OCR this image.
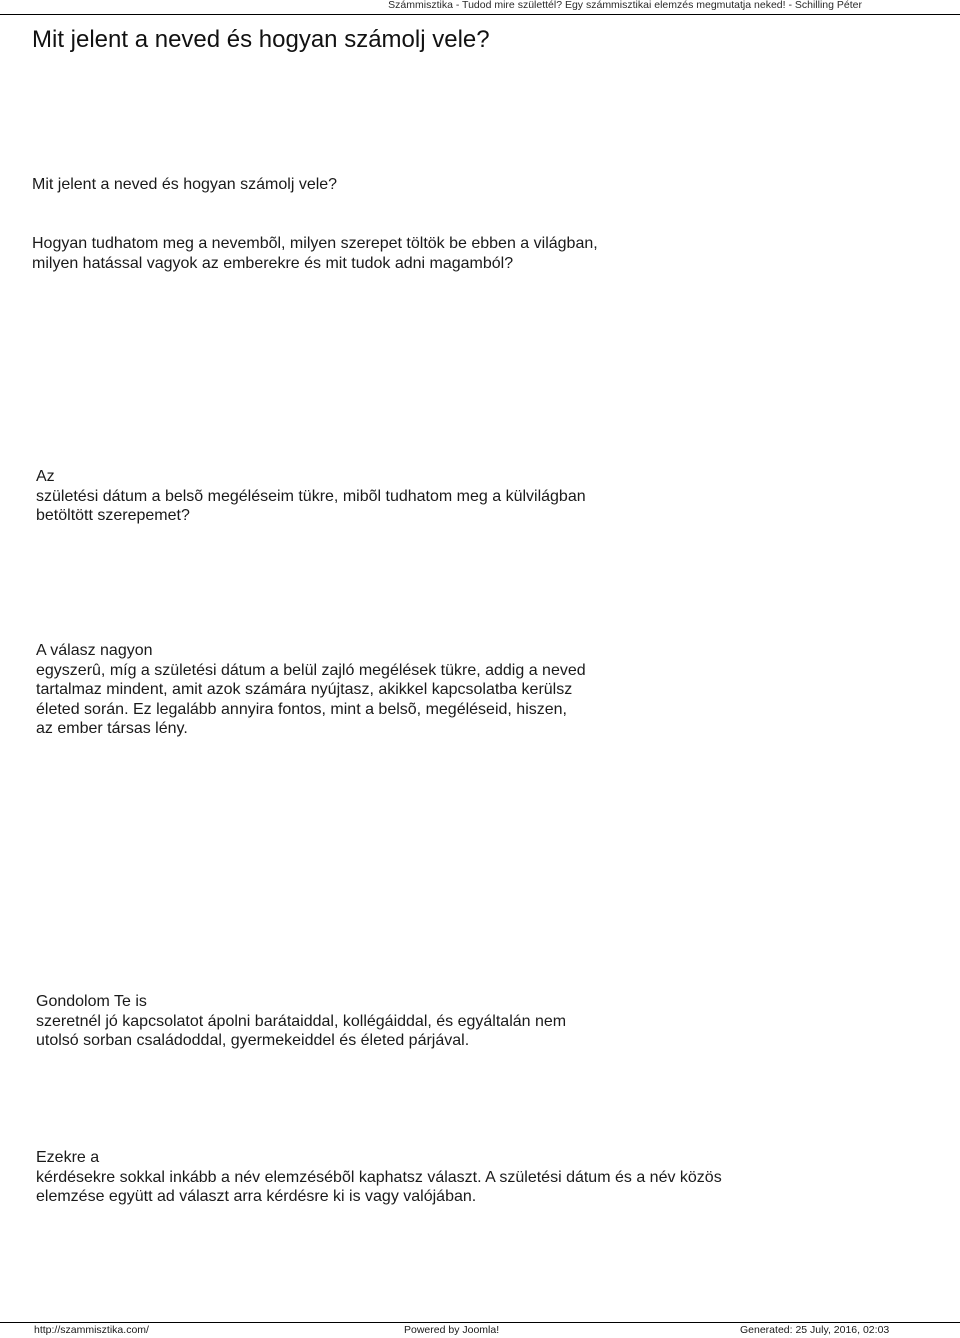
Számmisztika - Tudod mire születtél? Egy számmisztikai elemzés megmutatja neked! - Schilling Péter
Mit jelent a neved és hogyan számolj vele?

Mit jelent a neved és hogyan számolj vele?

Hogyan tudhatom meg a nevembõl, milyen szerepet töltök be ebben a világban,
milyen hatással vagyok az emberekre és mit tudok adni magamból?

Az
születési dátum a belsõ megéléseim tükre, mibõl tudhatom meg a külvilágban
betöltött szerepemet?

A válasz nagyon
egyszerû, míg a születési dátum a belül zajló megélések tükre, addig a neved
tartalmaz mindent, amit azok számára nyújtasz, akikkel kapcsolatba kerülsz
életed során. Ez legalább annyira fontos, mint a belsõ, megéléseid, hiszen,
az ember társas lény.

Gondolom Te is
szeretnél jó kapcsolatot ápolni barátaiddal, kollégáiddal, és egyáltalán nem
utolsó sorban családoddal, gyermekeiddel és életed párjával.

Ezekre a
kérdésekre sokkal inkább a név elemzésébõl kaphatsz választ. A születési dátum és a név közös
elemzése együtt ad választ arra kérdésre ki is vagy valójában.

http://szammisztika.com/	Powered by Joomla!	Generated: 25 July, 2016, 02:03
